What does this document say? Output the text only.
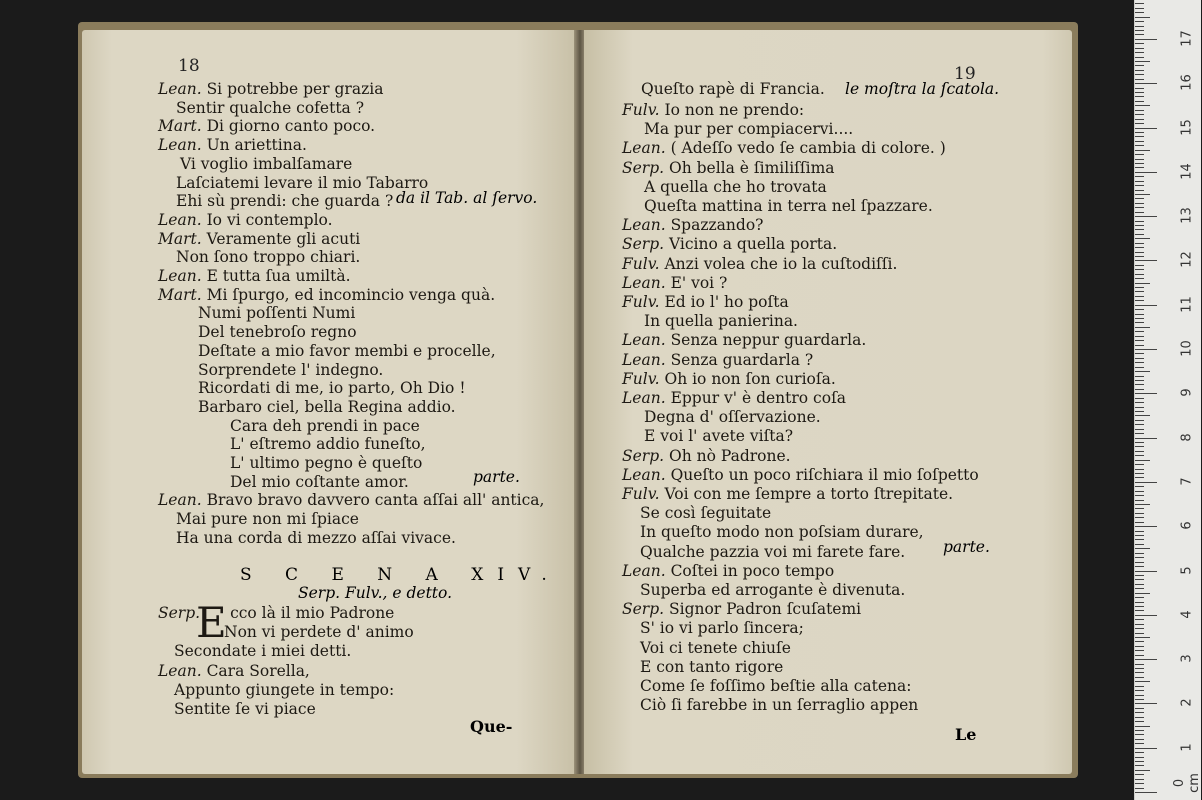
18	19
Lean. Si potrebbe per grazia
Sentir qualche cofetta ?
Mart. Di giorno canto poco.
Lean. Un ariettina.
Vi voglio imbalſamare
Laſciatemi levare il mio Tabarro
Ehi sù prendi: che guarda ?
Lean. Io vi contemplo.
Mart. Veramente gli acuti
Non ſono troppo chiari.
Lean. E tutta ſua umiltà.
Mart. Mi ſpurgo, ed incomincio venga quà.
Numi poſſenti Numi
Del tenebroſo regno
Deſtate a mio favor membi e procelle,
Sorprendete l' indegno.
Ricordati di me, io parto, Oh Dio !
Barbaro ciel, bella Regina addio.
Cara deh prendi in pace
L' eſtremo addio funeſto,
L' ultimo pegno è queſto
Del mio coſtante amor.
Lean. Bravo bravo davvero canta aſſai all' antica,
Mai pure non mi ſpiace
Ha una corda di mezzo aſſai vivace.
da il Tab. al ſervo.
parte.
S C E N A XIV.
Serp. Fulv., e detto.
E
Serp. cco là il mio Padrone
Non vi perdete d' animo
Secondate i miei detti.
Lean. Cara Sorella,
Appunto giungete in tempo:
Sentite ſe vi piace
Que-
Queſto rapè di Francia. le moſtra la ſcatola.
Fulv. Io non ne prendo:
Ma pur per compiacervi....
Lean. ( Adeſſo vedo ſe cambia di colore. )
Serp. Oh bella è ſimiliſſima
A quella che ho trovata
Queſta mattina in terra nel ſpazzare.
Lean. Spazzando?
Serp. Vicino a quella porta.
Fulv. Anzi volea che io la cuſtodiſſi.
Lean. E' voi ?
Fulv. Ed io l' ho poſta
In quella panierina.
Lean. Senza neppur guardarla.
Lean. Senza guardarla ?
Fulv. Oh io non ſon curioſa.
Lean. Eppur v' è dentro coſa
Degna d' oſſervazione.
E voi l' avete viſta?
Serp. Oh nò Padrone.
Lean. Queſto un poco riſchiara il mio ſoſpetto
Fulv. Voi con me ſempre a torto ſtrepitate.
Se così ſeguitate
In queſto modo non poſsiam durare,
Qualche pazzia voi mi farete fare.
Lean. Coſtei in poco tempo
Superba ed arrogante è divenuta.
Serp. Signor Padron ſcuſatemi
S' io vi parlo ſincera;
Voi ci tenete chiuſe
E con tanto rigore
Come ſe foſſimo beſtie alla catena:
Ciò ſi farebbe in un ſerraglio appen
parte.
Le
0 cm
1
2
3
4
5
6
7
8
9
10
11
12
13
14
15
16
17
